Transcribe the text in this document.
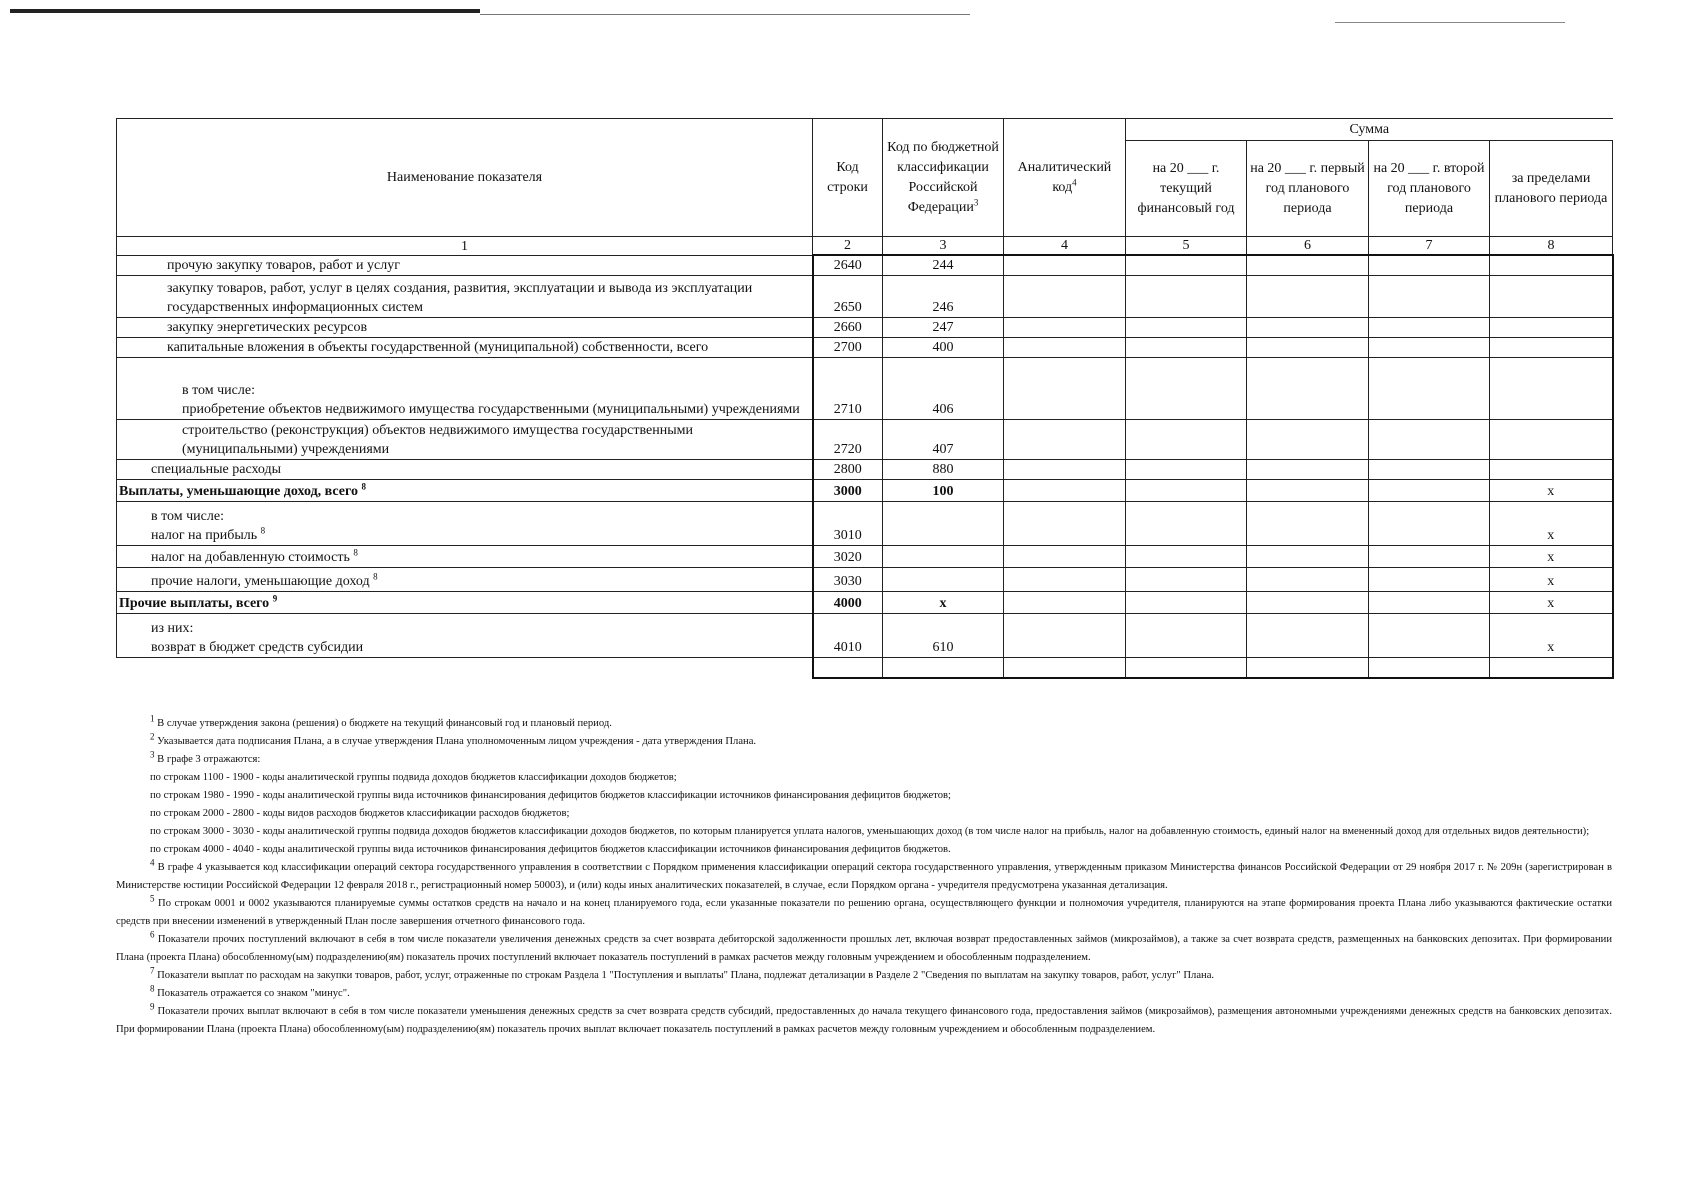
Наименование показателя	Код строки	Код по бюджетной классификации Российской Федерации$^3$	Аналитический код$^4$	Сумма			
				на 20 ___ г. текущий финансовый год	на 20 ___ г. первый год планового периода	на 20 ___ г. второй год планового периода	за пределами планового периода
1	2	3	4	5	6	7	8
прочую закупку товаров, работ и услуг	2640	244					
закупку товаров, работ, услуг в целях создания, развития, эксплуатации и вывода из эксплуатации государственных информационных систем	2650	246					
закупку энергетических ресурсов	2660	247					
капитальные вложения в объекты государственной (муниципальной) собственности, всего	2700	400					

в том числе:
приобретение объектов недвижимого имущества государственными (муниципальными) учреждениями	2710	406					
строительство (реконструкция) объектов недвижимого имущества государственными (муниципальными) учреждениями	2720	407					
специальные расходы	2800	880					
Выплаты, уменьшающие доход, всего $^8$	3000	100					x

в том числе:
налог на прибыль $^8$	3010						x
налог на добавленную стоимость $^8$	3020						x
прочие налоги, уменьшающие доход $^8$	3030						x
Прочие выплаты, всего $^9$	4000	x					x

из них:
возврат в бюджет средств субсидии	4010	610					x

$^1$ В случае утверждения закона (решения) о бюджете на текущий финансовый год и плановый период.

$^2$ Указывается дата подписания Плана, а в случае утверждения Плана уполномоченным лицом учреждения - дата утверждения Плана.

$^3$ В графе 3 отражаются:

по строкам 1100 - 1900 - коды аналитической группы подвида доходов бюджетов классификации доходов бюджетов;

по строкам 1980 - 1990 - коды аналитической группы вида источников финансирования дефицитов бюджетов классификации источников финансирования дефицитов бюджетов;

по строкам 2000 - 2800 - коды видов расходов бюджетов классификации расходов бюджетов;

по строкам 3000 - 3030 - коды аналитической группы подвида доходов бюджетов классификации доходов бюджетов, по которым планируется уплата налогов, уменьшающих доход (в том числе налог на прибыль, налог на добавленную стоимость, единый налог на вмененный доход для отдельных видов деятельности);

по строкам 4000 - 4040 - коды аналитической группы вида источников финансирования дефицитов бюджетов классификации источников финансирования дефицитов бюджетов.

$^4$ В графе 4 указывается код классификации операций сектора государственного управления в соответствии с Порядком применения классификации операций сектора государственного управления, утвержденным приказом Министерства финансов Российской Федерации от 29 ноября 2017 г. № 209н (зарегистрирован в Министерстве юстиции Российской Федерации 12 февраля 2018 г., регистрационный номер 50003), и (или) коды иных аналитических показателей, в случае, если Порядком органа - учредителя предусмотрена указанная детализация.

$^5$ По строкам 0001 и 0002 указываются планируемые суммы остатков средств на начало и на конец планируемого года, если указанные показатели по решению органа, осуществляющего функции и полномочия учредителя, планируются на этапе формирования проекта Плана либо указываются фактические остатки средств при внесении изменений в утвержденный План после завершения отчетного финансового года.

$^6$ Показатели прочих поступлений включают в себя в том числе показатели увеличения денежных средств за счет возврата дебиторской задолженности прошлых лет, включая возврат предоставленных займов (микрозаймов), а также за счет возврата средств, размещенных на банковских депозитах. При формировании Плана (проекта Плана) обособленному(ым) подразделению(ям) показатель прочих поступлений включает показатель поступлений в рамках расчетов между головным учреждением и обособленным подразделением.

$^7$ Показатели выплат по расходам на закупки товаров, работ, услуг, отраженные по строкам Раздела 1 "Поступления и выплаты" Плана, подлежат детализации в Разделе 2 "Сведения по выплатам на закупку товаров, работ, услуг" Плана.

$^8$ Показатель отражается со знаком "минус".

$^9$ Показатели прочих выплат включают в себя в том числе показатели уменьшения денежных средств за счет возврата средств субсидий, предоставленных до начала текущего финансового года, предоставления займов (микрозаймов), размещения автономными учреждениями денежных средств на банковских депозитах. При формировании Плана (проекта Плана) обособленному(ым) подразделению(ям) показатель прочих выплат включает показатель поступлений в рамках расчетов между головным учреждением и обособленным подразделением.
